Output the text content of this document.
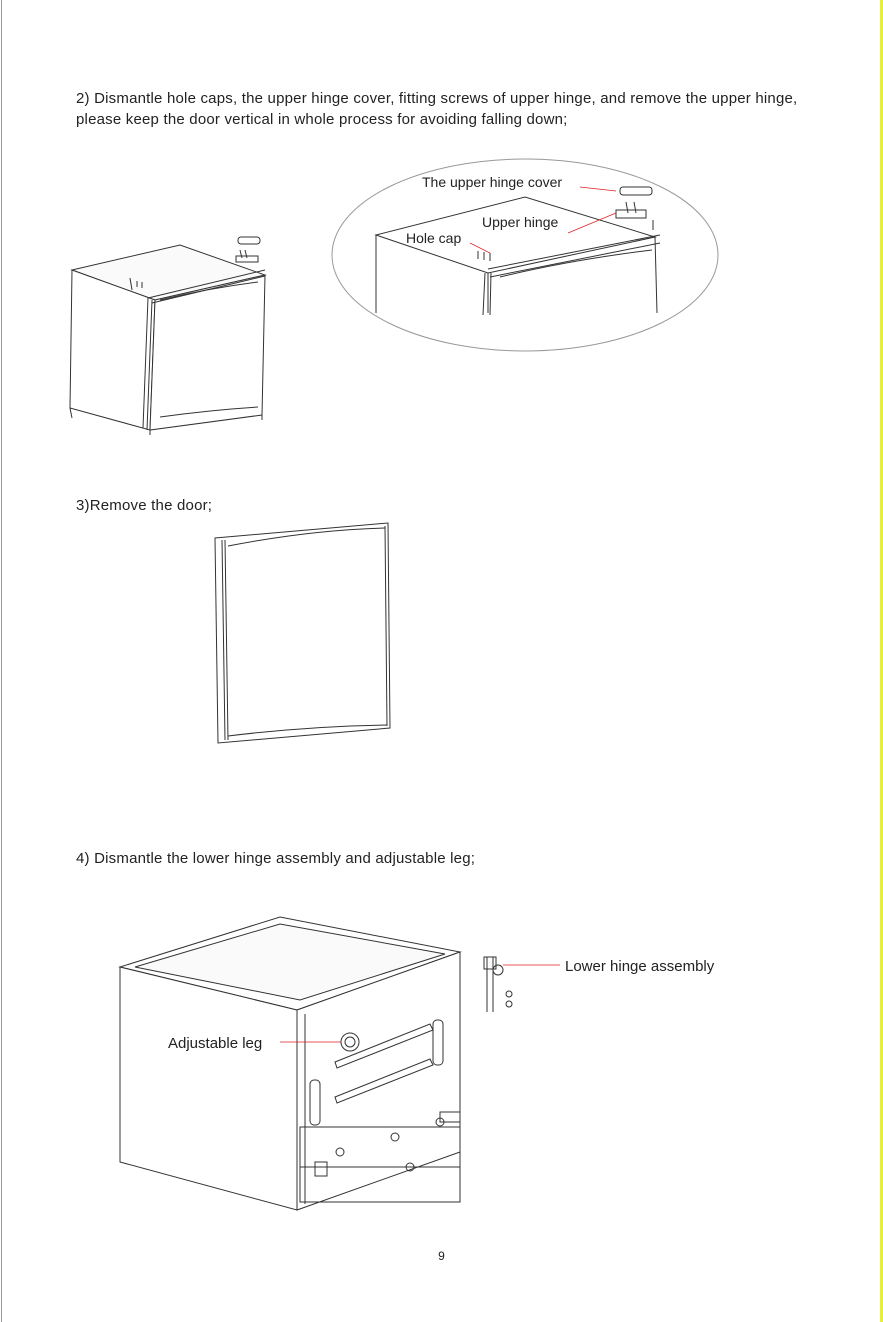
2) Dismantle hole caps, the upper hinge cover, fitting screws of upper hinge, and remove the upper hinge, please keep the door vertical in whole process for avoiding falling down;

The upper hinge cover
Upper hinge
Hole cap

3)Remove the door;

4) Dismantle the lower hinge assembly and adjustable leg;

Lower hinge assembly
Adjustable leg
9
